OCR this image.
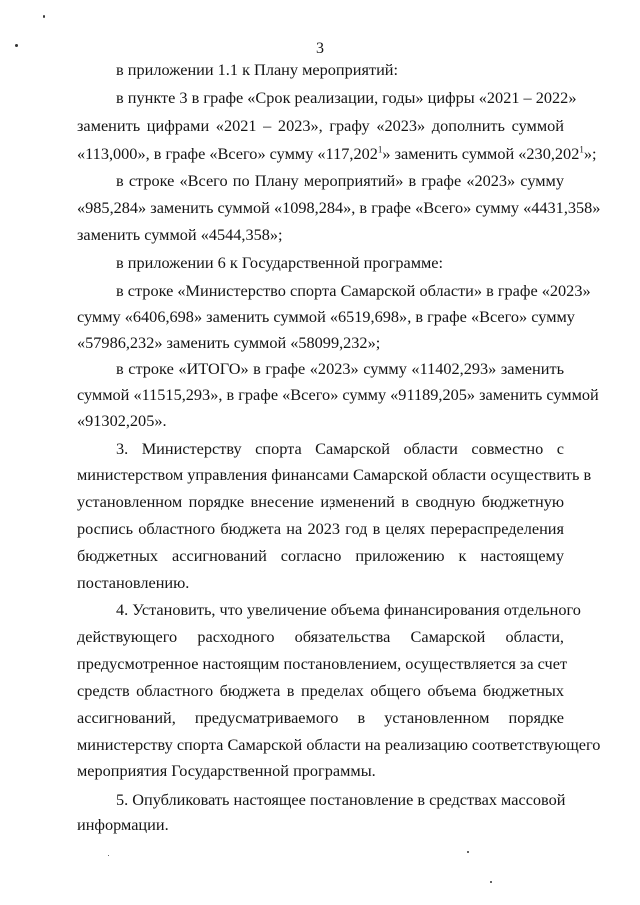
3
в приложении 1.1 к Плану мероприятий:
в пункте 3 в графе «Срок реализации, годы» цифры «2021 – 2022»
заменить цифрами «2021 – 2023», графу «2023» дополнить суммой
«113,000», в графе «Всего» сумму «117,202$^1$» заменить суммой «230,202$^1$»;
в строке «Всего по Плану мероприятий» в графе «2023» сумму
«985,284» заменить суммой «1098,284», в графе «Всего» сумму «4431,358»
заменить суммой «4544,358»;
в приложении 6 к Государственной программе:
в строке «Министерство спорта Самарской области» в графе «2023»
сумму «6406,698» заменить суммой «6519,698», в графе «Всего» сумму
«57986,232» заменить суммой «58099,232»;
в строке «ИТОГО» в графе «2023» сумму «11402,293» заменить
суммой «11515,293», в графе «Всего» сумму «91189,205» заменить суммой
«91302,205».
3. Министерству спорта Самарской области совместно с
министерством управления финансами Самарской области осуществить в
установленном порядке внесение изменений в сводную бюджетную
роспись областного бюджета на 2023 год в целях перераспределения
бюджетных ассигнований согласно приложению к настоящему
постановлению.
4. Установить, что увеличение объема финансирования отдельного
действующего расходного обязательства Самарской области,
предусмотренное настоящим постановлением, осуществляется за счет
средств областного бюджета в пределах общего объема бюджетных
ассигнований, предусматриваемого в установленном порядке
министерству спорта Самарской области на реализацию соответствующего
мероприятия Государственной программы.
5. Опубликовать настоящее постановление в средствах массовой
информации.
